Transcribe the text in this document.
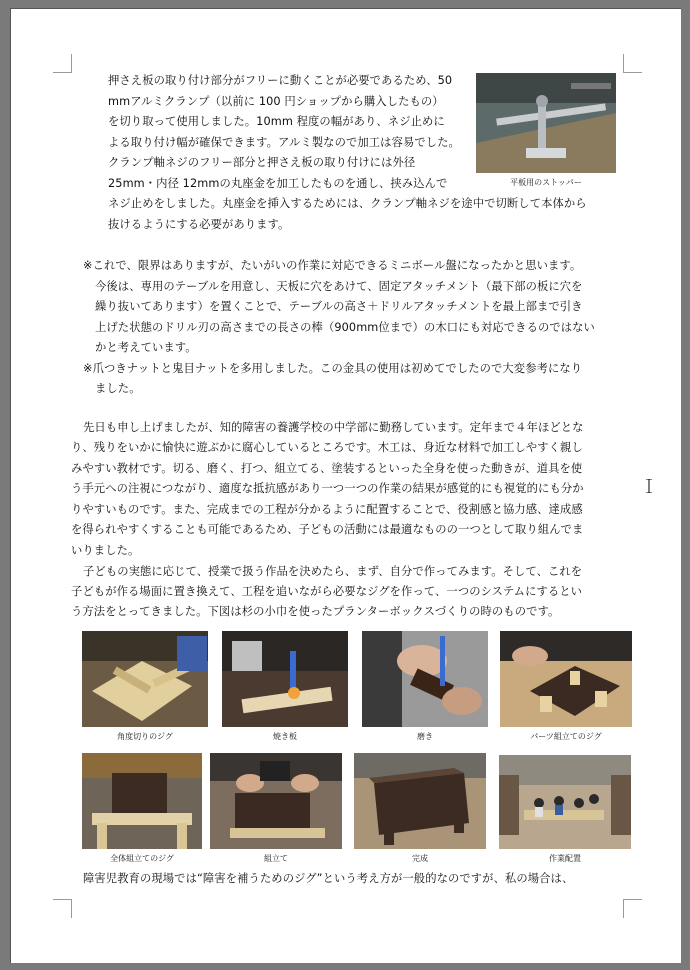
押さえ板の取り付け部分がフリーに動くことが必要であるため、50
mmアルミクランプ（以前に 100 円ショップから購入したもの）
を切り取って使用しました。10mm 程度の幅があり、ネジ止めに
よる取り付け幅が確保できます。アルミ製なので加工は容易でした。
クランプ軸ネジのフリー部分と押さえ板の取り付けには外径
25mm・内径 12mmの丸座金を加工したものを通し、挟み込んで
ネジ止めをしました。丸座金を挿入するためには、クランプ軸ネジを途中で切断して本体から
抜けるようにする必要があります。
平板用のストッパー
※これで、限界はありますが、たいがいの作業に対応できるミニボール盤になったかと思います。
今後は、専用のテーブルを用意し、天板に穴をあけて、固定アタッチメント（最下部の板に穴を
繰り抜いてあります）を置くことで、テーブルの高さ＋ドリルアタッチメントを最上部まで引き
上げた状態のドリル刃の高さまでの長さの棒（900mm位まで）の木口にも対応できるのではない
かと考えています。
※爪つきナットと鬼目ナットを多用しました。この金具の使用は初めてでしたので大変参考になり
ました。
先日も申し上げましたが、知的障害の養護学校の中学部に勤務しています。定年まで４年ほどとな
り、残りをいかに愉快に遊ぶかに腐心しているところです。木工は、身近な材料で加工しやすく親し
みやすい教材です。切る、磨く、打つ、組立てる、塗装するといった全身を使った動きが、道具を使
う手元への注視につながり、適度な抵抗感があり一つ一つの作業の結果が感覚的にも視覚的にも分か
りやすいものです。また、完成までの工程が分かるように配置することで、役割感と協力感、達成感
を得られやすくすることも可能であるため、子どもの活動には最適なものの一つとして取り組んでま
いりました。
子どもの実態に応じて、授業で扱う作品を決めたら、まず、自分で作ってみます。そして、これを
子どもが作る場面に置き換えて、工程を追いながら必要なジグを作って、一つのシステムにするとい
う方法をとってきました。下図は杉の小巾を使ったプランターボックスづくりの時のものです。
角度切りのジグ	焼き板	磨き	パーツ組立てのジグ
全体組立てのジグ	組立て	完成	作業配置
障害児教育の現場では“障害を補うためのジグ”という考え方が一般的なのですが、私の場合は、
